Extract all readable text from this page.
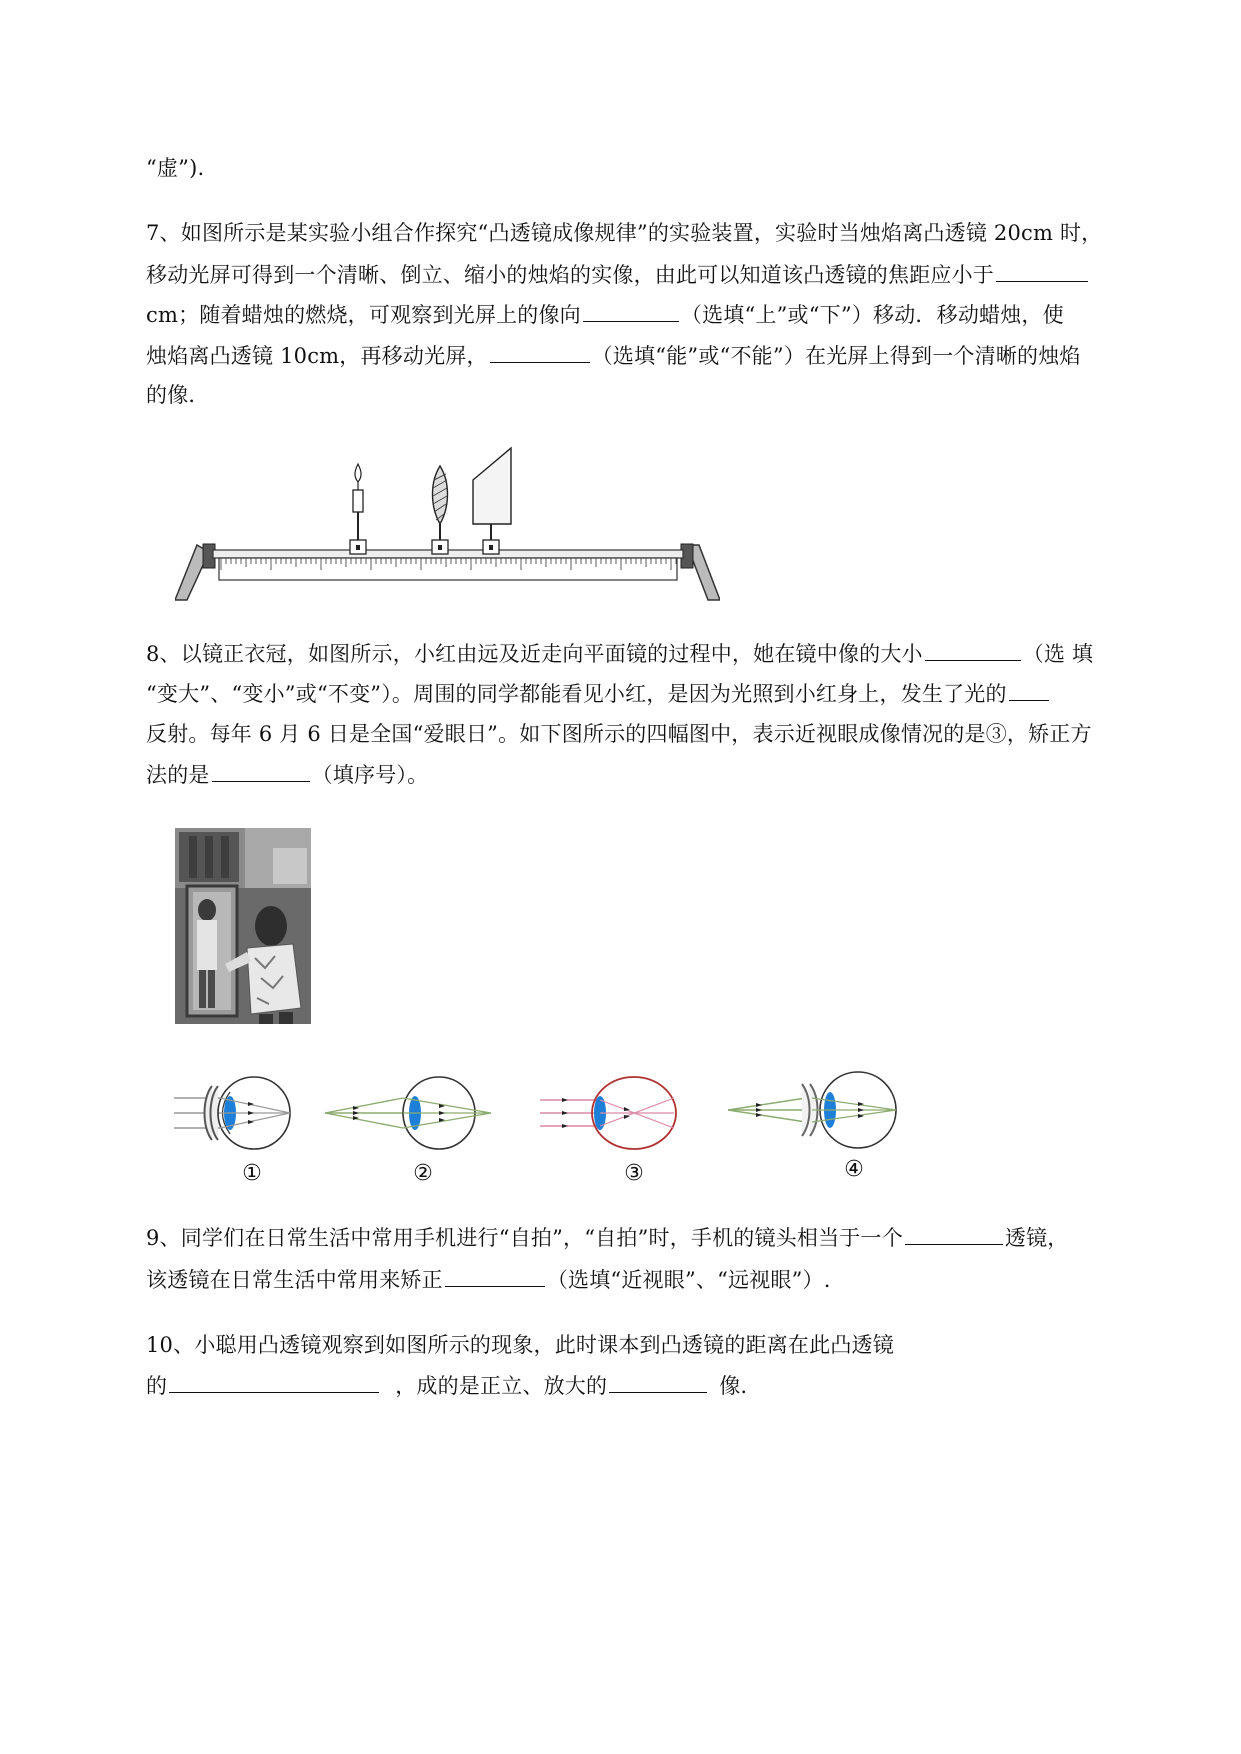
“虚”).
7、如图所示是某实验小组合作探究“凸透镜成像规律”的实验装置，实验时当烛焰离凸透镜 20cm 时，
移动光屏可得到一个清晰、倒立、缩小的烛焰的实像，由此可以知道该凸透镜的焦距应小于
cm；随着蜡烛的燃烧，可观察到光屏上的像向	（选填“上”或“下”）移动．移动蜡烛，使
烛焰离凸透镜 10cm，再移动光屏，	（选填“能”或“不能”）在光屏上得到一个清晰的烛焰
的像．
8、以镜正衣冠，如图所示，小红由远及近走向平面镜的过程中，她在镜中像的大小	（选 填
“变大”、“变小”或“不变”）。周围的同学都能看见小红，是因为光照到小红身上，发生了光的
反射。每年 6 月 6 日是全国“爱眼日”。如下图所示的四幅图中，表示近视眼成像情况的是③，矫正方
法的是	（填序号）。
①	②	③	④
9、同学们在日常生活中常用手机进行“自拍”，“自拍”时，手机的镜头相当于一个	透镜，
该透镜在日常生活中常用来矫正	（选填“近视眼”、“远视眼”）.
10、小聪用凸透镜观察到如图所示的现象，此时课本到凸透镜的距离在此凸透镜
的	，成的是正立、放大的	像.
